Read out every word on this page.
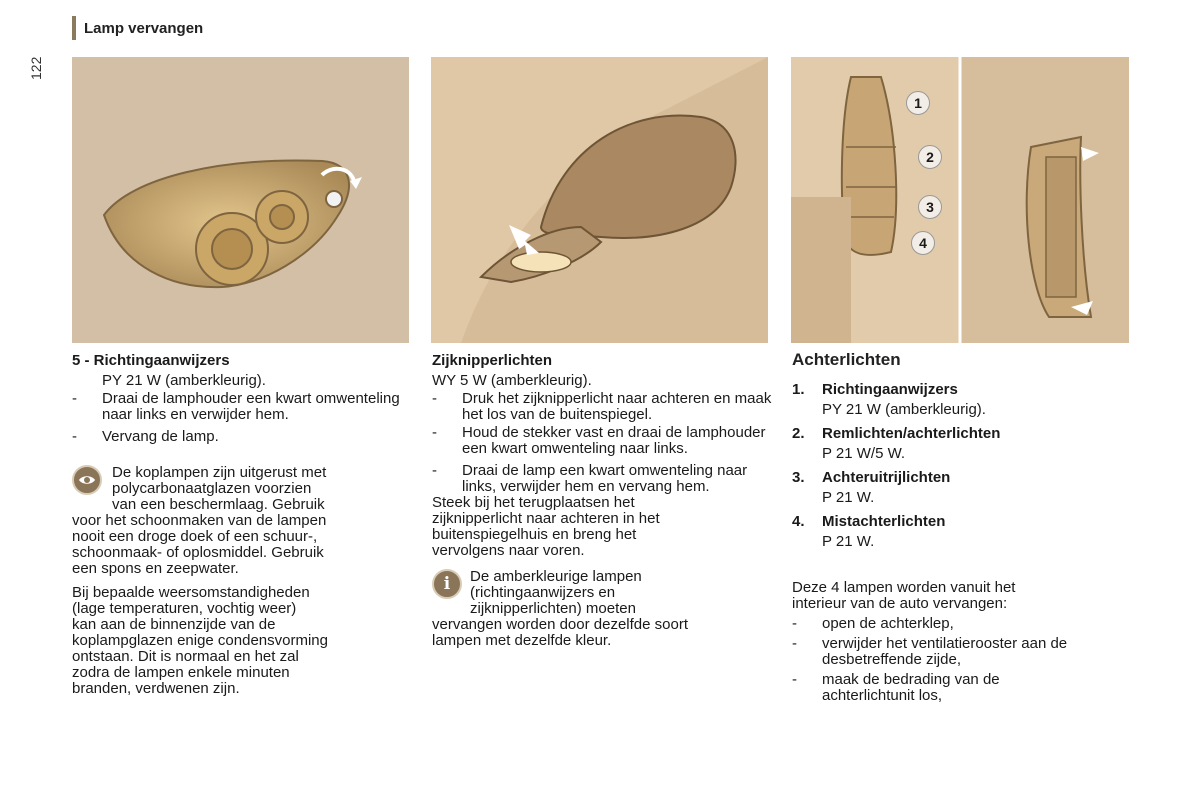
Lamp vervangen
122
1
2
3
4
5 - Richtingaanwijzers
PY 21 W (amberkleurig).
-	Draai de lamphouder een kwart omwenteling naar links en verwijder hem.
-	Vervang de lamp.
De koplampen zijn uitgerust met
polycarbonaatglazen voorzien
van een beschermlaag. Gebruik
voor het schoonmaken van de lampen
nooit een droge doek of een schuur-,
schoonmaak- of oplosmiddel. Gebruik
een spons en zeepwater.
Bij bepaalde weersomstandigheden
(lage temperaturen, vochtig weer)
kan aan de binnenzijde van de
koplampglazen enige condensvorming
ontstaan. Dit is normaal en het zal
zodra de lampen enkele minuten
branden, verdwenen zijn.
Zijknipperlichten
WY 5 W (amberkleurig).
-	Druk het zijknipperlicht naar achteren en maak het los van de buitenspiegel.
-	Houd de stekker vast en draai de lamphouder een kwart omwenteling naar links.
-	Draai de lamp een kwart omwenteling naar links, verwijder hem en vervang hem.
Steek bij het terugplaatsen het
zijknipperlicht naar achteren in het
buitenspiegelhuis en breng het
vervolgens naar voren.
i	De amberkleurige lampen
(richtingaanwijzers en
zijknipperlichten) moeten
vervangen worden door dezelfde soort
lampen met dezelfde kleur.
Achterlichten
1.	Richtingaanwijzers
PY 21 W (amberkleurig).
2.	Remlichten/achterlichten
P 21 W/5 W.
3.	Achteruitrijlichten
P 21 W.
4.	Mistachterlichten
P 21 W.
Deze 4 lampen worden vanuit het
interieur van de auto vervangen:
-	open de achterklep,
-	verwijder het ventilatierooster aan de desbetreffende zijde,
-	maak de bedrading van de achterlichtunit los,
